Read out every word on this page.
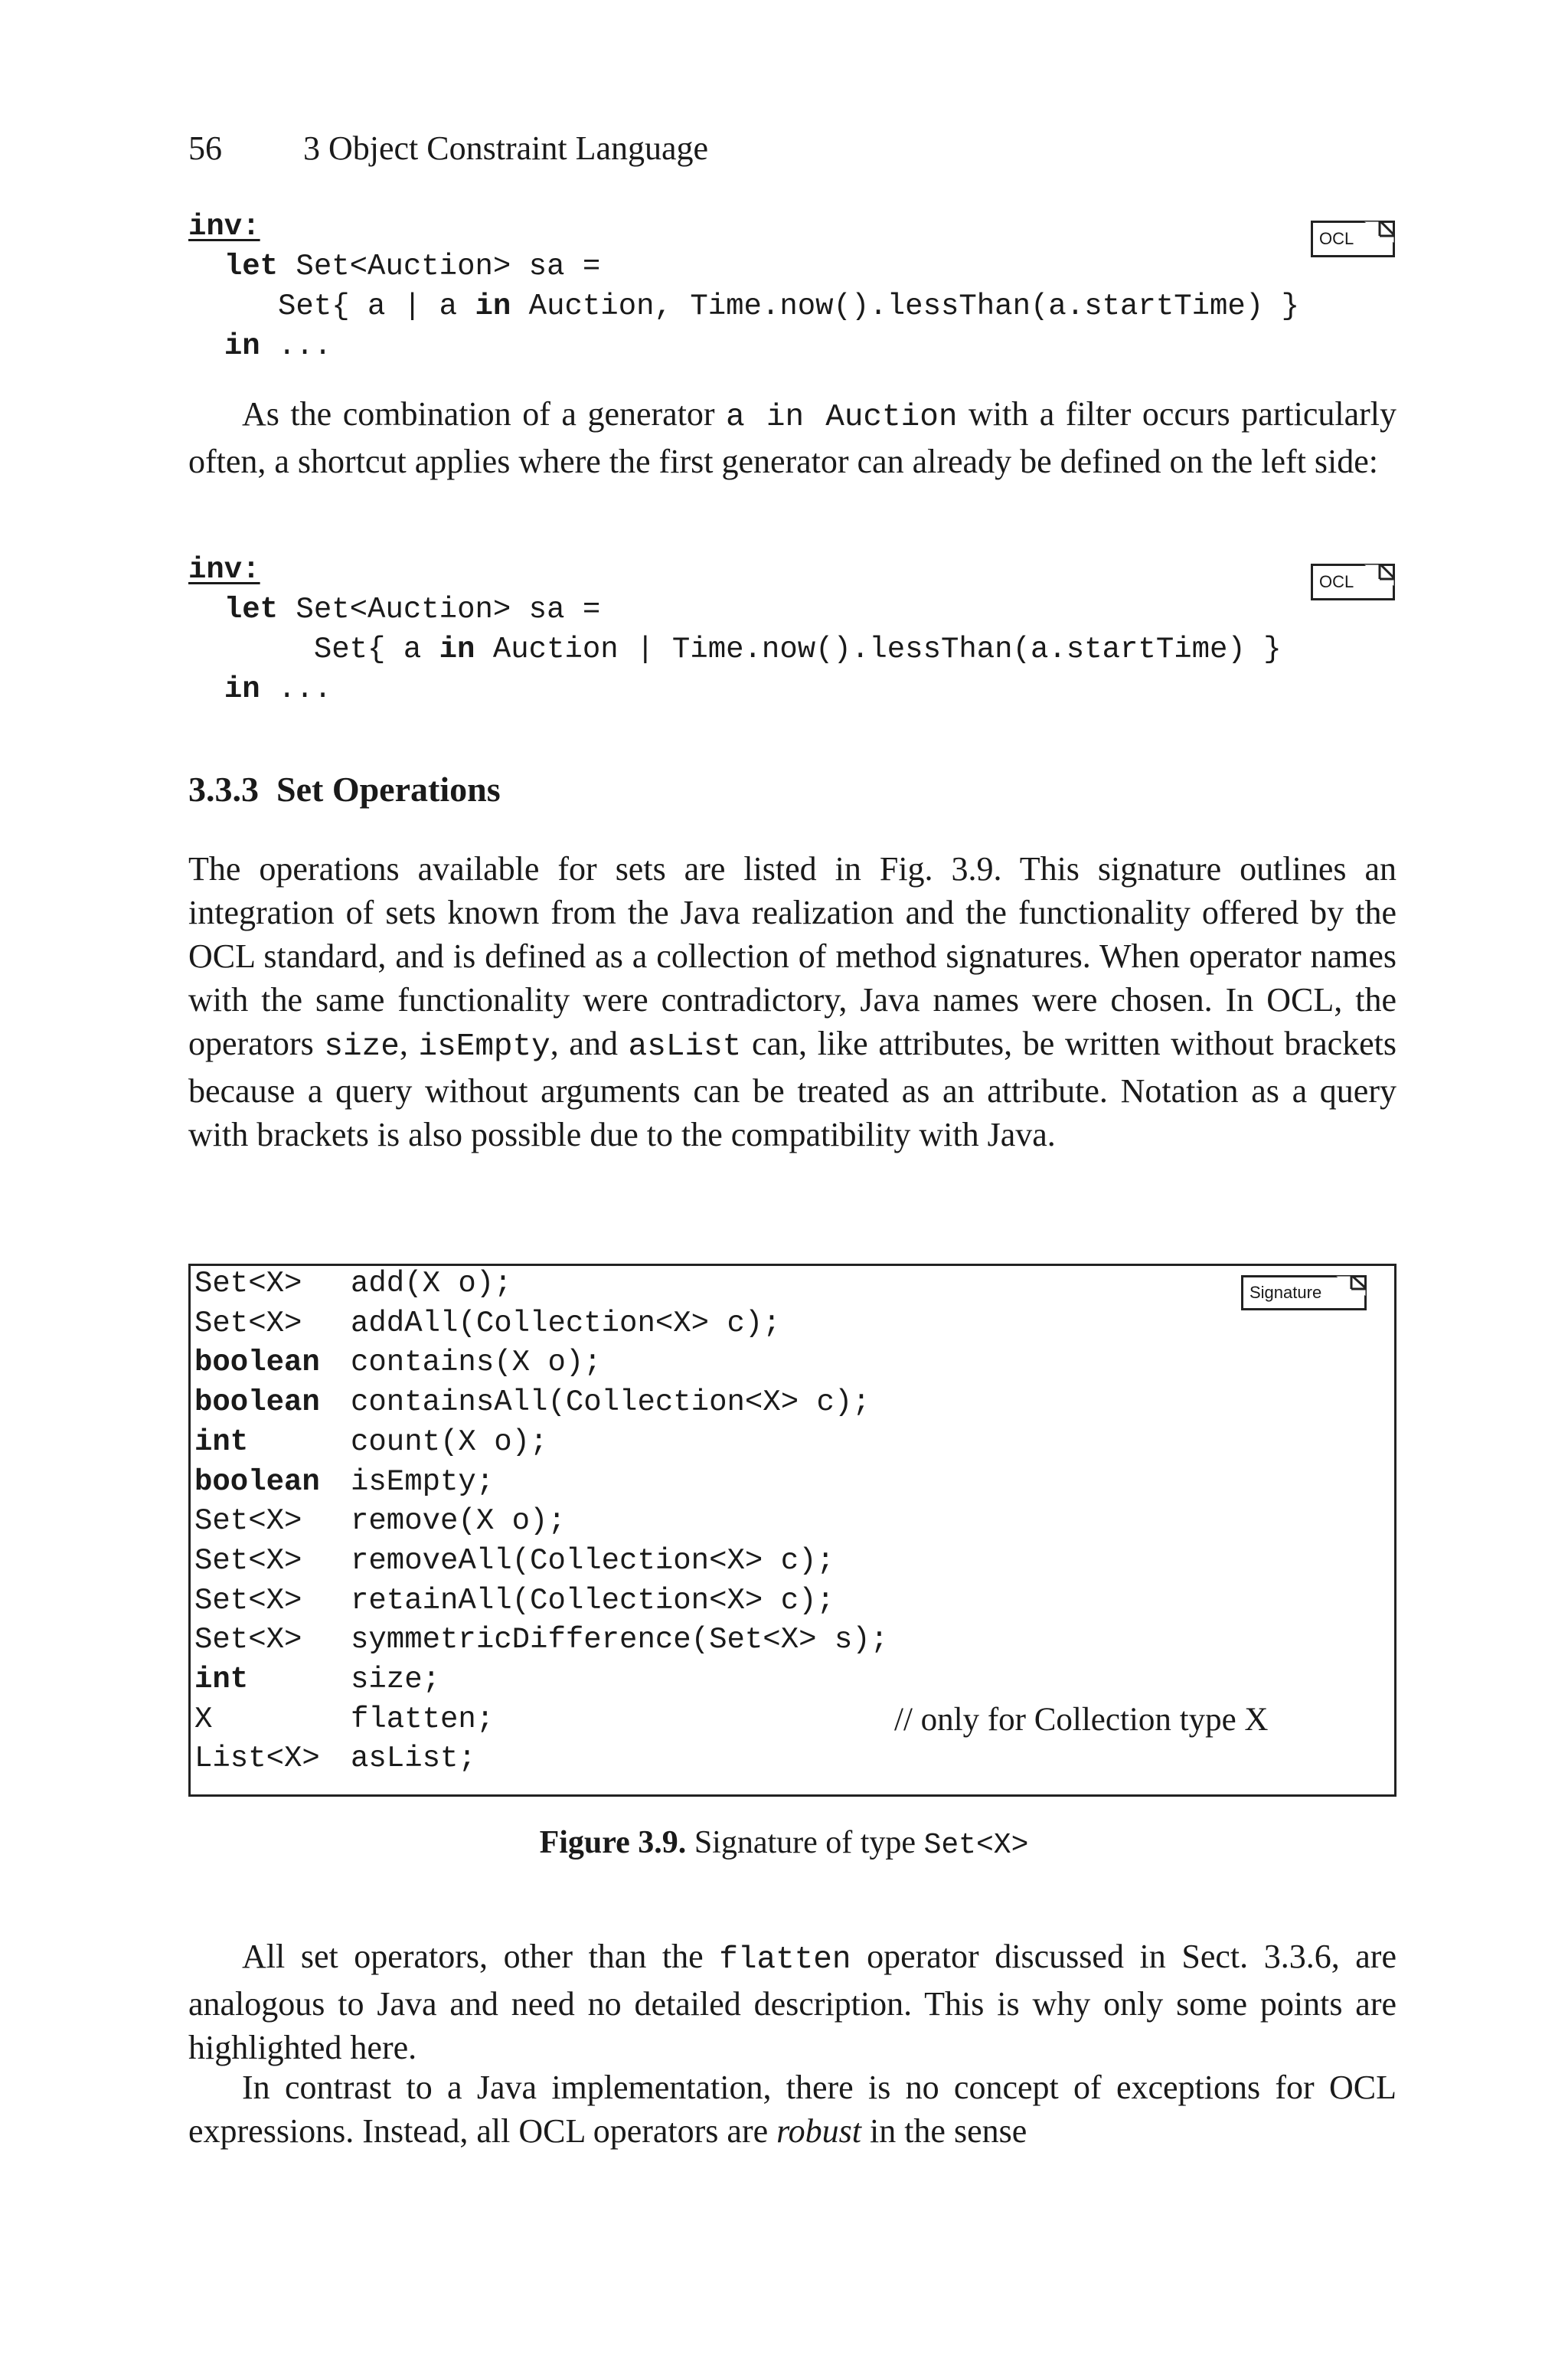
56 3 Object Constraint Language
OCL
inv:
let Set<Auction> sa =
Set{ a | a in Auction, Time.now().lessThan(a.startTime) }
in ...
As the combination of a generator a in Auction with a filter occurs particularly often, a shortcut applies where the first generator can already be defined on the left side:
OCL
inv:
let Set<Auction> sa =
Set{ a in Auction | Time.now().lessThan(a.startTime) }
in ...
3.3.3 Set Operations
The operations available for sets are listed in Fig. 3.9. This signature outlines an integration of sets known from the Java realization and the functionality offered by the OCL standard, and is defined as a collection of method signatures. When operator names with the same functionality were contradictory, Java names were chosen. In OCL, the operators size, isEmpty, and asList can, like attributes, be written without brackets because a query without arguments can be treated as an attribute. Notation as a query with brackets is also possible due to the compatibility with Java.
Signature
Set<X> add(X o);
Set<X> addAll(Collection<X> c);
boolean contains(X o);
boolean containsAll(Collection<X> c);
int	count(X o);
boolean isEmpty;
Set<X> remove(X o);
Set<X> removeAll(Collection<X> c);
Set<X> retainAll(Collection<X> c);
Set<X> symmetricDifference(Set<X> s);
int	size;
X	flatten;	// only for Collection type X
List<X> asList;
Figure 3.9. Signature of type Set<X>
All set operators, other than the flatten operator discussed in Sect. 3.3.6, are analogous to Java and need no detailed description. This is why only some points are highlighted here.
In contrast to a Java implementation, there is no concept of exceptions for OCL expressions. Instead, all OCL operators are robust in the sense
